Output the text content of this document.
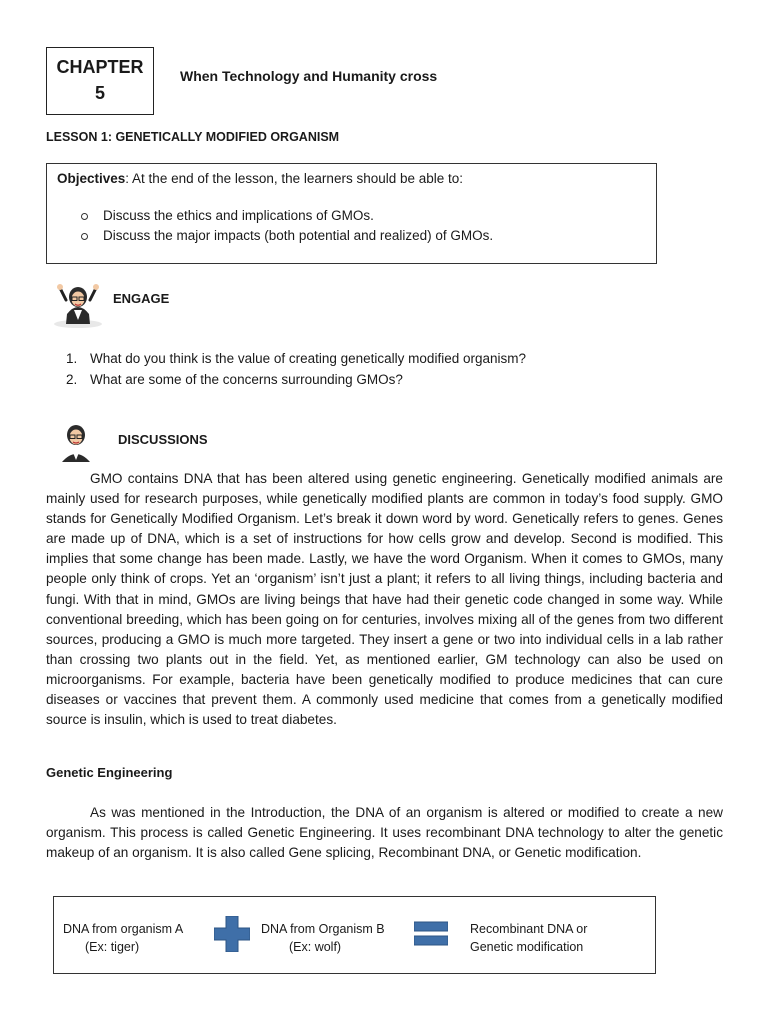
CHAPTER
5
When Technology and Humanity cross
LESSON 1: GENETICALLY MODIFIED ORGANISM
Objectives: At the end of the lesson, the learners should be able to:
Discuss the ethics and implications of GMOs.
Discuss the major impacts (both potential and realized) of GMOs.
ENGAGE
1. What do you think is the value of creating genetically modified organism?
2. What are some of the concerns surrounding GMOs?
DISCUSSIONS

GMO contains DNA that has been altered using genetic engineering. Genetically modified animals are mainly used for research purposes, while genetically modified plants are common in today’s food supply. GMO stands for Genetically Modified Organism. Let’s break it down word by word. Genetically refers to genes. Genes are made up of DNA, which is a set of instructions for how cells grow and develop. Second is modified. This implies that some change has been made. Lastly, we have the word Organism. When it comes to GMOs, many people only think of crops. Yet an ‘organism’ isn’t just a plant; it refers to all living things, including bacteria and fungi. With that in mind, GMOs are living beings that have had their genetic code changed in some way. While conventional breeding, which has been going on for centuries, involves mixing all of the genes from two different sources, producing a GMO is much more targeted. They insert a gene or two into individual cells in a lab rather than crossing two plants out in the field. Yet, as mentioned earlier, GM technology can also be used on microorganisms. For example, bacteria have been genetically modified to produce medicines that can cure diseases or vaccines that prevent them. A commonly used medicine that comes from a genetically modified source is insulin, which is used to treat diabetes.

Genetic Engineering

As was mentioned in the Introduction, the DNA of an organism is altered or modified to create a new organism. This process is called Genetic Engineering. It uses recombinant DNA technology to alter the genetic makeup of an organism. It is also called Gene splicing, Recombinant DNA, or Genetic modification.

DNA from organism A
(Ex: tiger)
DNA from Organism B
(Ex: wolf)
Recombinant DNA or
Genetic modification
